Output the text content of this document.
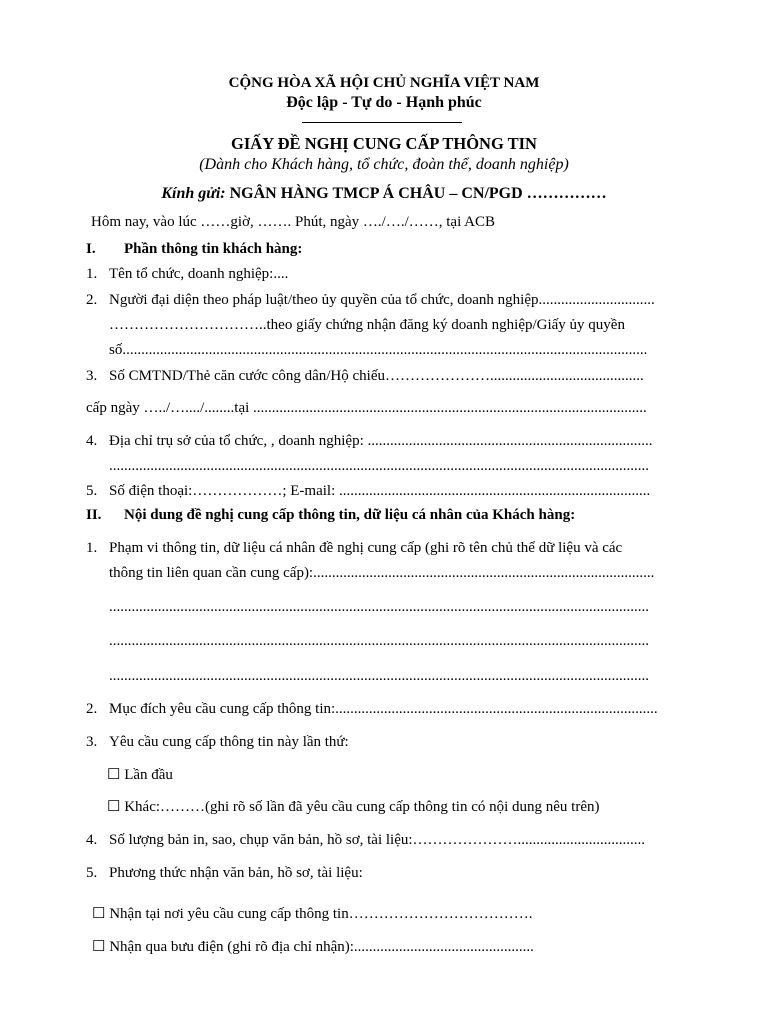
CỘNG HÒA XÃ HỘI CHỦ NGHĨA VIỆT NAM
Độc lập - Tự do - Hạnh phúc
GIẤY ĐỀ NGHỊ CUNG CẤP THÔNG TIN
(Dành cho Khách hàng, tổ chức, đoàn thể, doanh nghiệp)
Kính gửi: NGÂN HÀNG TMCP Á CHÂU – CN/PGD ……………
Hôm nay, vào lúc ……giờ, ……. Phút, ngày …./…./……, tại ACB
I. Phần thông tin khách hàng:
1. Tên tổ chức, doanh nghiệp:....
2. Người đại diện theo pháp luật/theo ủy quyền của tổ chức, doanh nghiệp...............................
…………………………..theo giấy chứng nhận đăng ký doanh nghiệp/Giấy ủy quyền
số............................................................................................................................................
3. Số CMTND/Thẻ căn cước công dân/Hộ chiếu………………….........................................
cấp ngày …../…..../........tại .........................................................................................................
4. Địa chỉ trụ sở của tổ chức, , doanh nghiệp: ............................................................................
................................................................................................................................................
5. Số điện thoại:………………; E-mail: ...................................................................................
II. Nội dung đề nghị cung cấp thông tin, dữ liệu cá nhân của Khách hàng:
1. Phạm vi thông tin, dữ liệu cá nhân đề nghị cung cấp (ghi rõ tên chủ thể dữ liệu và các
thông tin liên quan cần cung cấp):...........................................................................................
................................................................................................................................................
................................................................................................................................................
................................................................................................................................................
2. Mục đích yêu cầu cung cấp thông tin:......................................................................................
3. Yêu cầu cung cấp thông tin này lần thứ:
☐ Lần đầu
☐ Khác:………(ghi rõ số lần đã yêu cầu cung cấp thông tin có nội dung nêu trên)
4. Số lượng bản in, sao, chụp văn bản, hồ sơ, tài liệu:…………………..................................
5. Phương thức nhận văn bản, hồ sơ, tài liệu:
☐ Nhận tại nơi yêu cầu cung cấp thông tin……………………………….
☐ Nhận qua bưu điện (ghi rõ địa chỉ nhận):................................................
